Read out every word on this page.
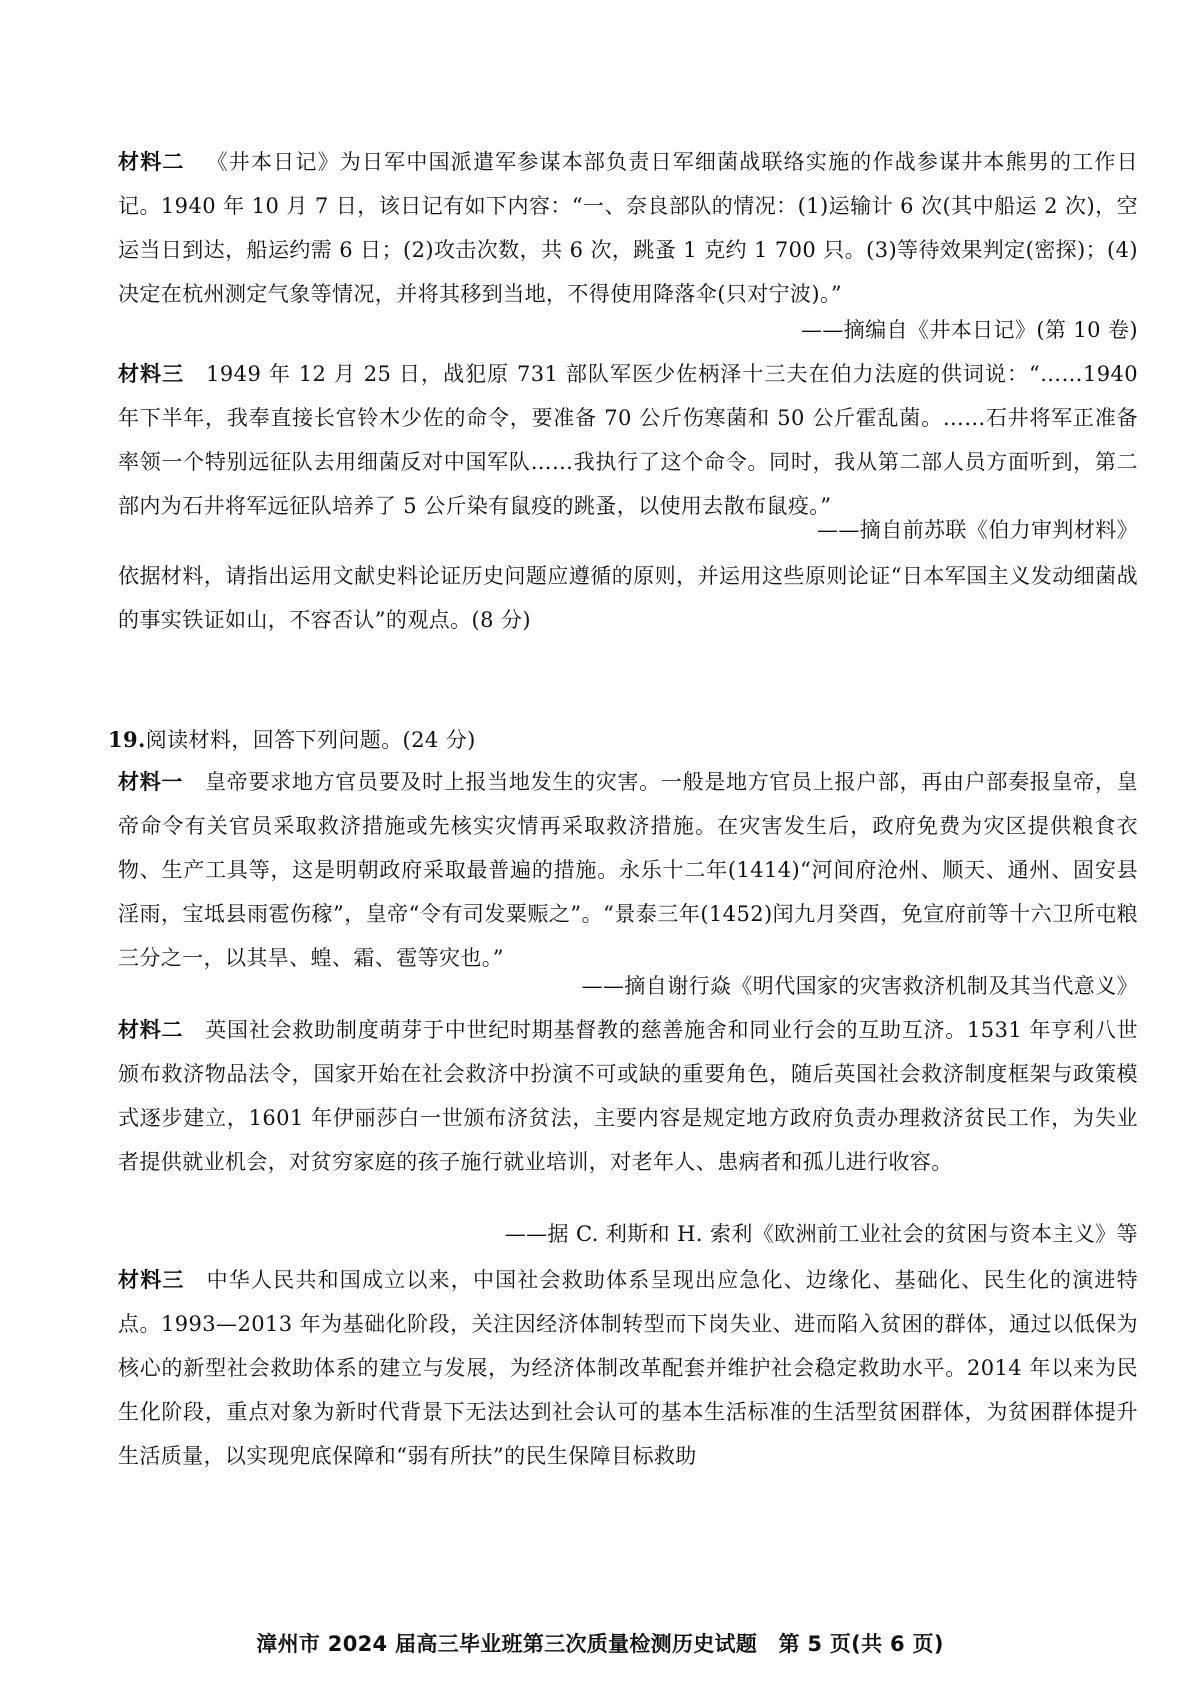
材料二 《井本日记》为日军中国派遣军参谋本部负责日军细菌战联络实施的作战参谋井本熊男的工作日记。1940 年 10 月 7 日，该日记有如下内容：“一、奈良部队的情况：(1)运输计 6 次(其中船运 2 次)，空运当日到达，船运约需 6 日；(2)攻击次数，共 6 次，跳蚤 1 克约 1 700 只。(3)等待效果判定(密探)；(4)决定在杭州测定气象等情况，并将其移到当地，不得使用降落伞(只对宁波)。”

——摘编自《井本日记》(第 10 卷)

材料三 1949 年 12 月 25 日，战犯原 731 部队军医少佐柄泽十三夫在伯力法庭的供词说：“……1940 年下半年，我奉直接长官铃木少佐的命令，要准备 70 公斤伤寒菌和 50 公斤霍乱菌。……石井将军正准备率领一个特别远征队去用细菌反对中国军队……我执行了这个命令。同时，我从第二部人员方面听到，第二部内为石井将军远征队培养了 5 公斤染有鼠疫的跳蚤，以使用去散布鼠疫。”

——摘自前苏联《伯力审判材料》

依据材料，请指出运用文献史料论证历史问题应遵循的原则，并运用这些原则论证“日本军国主义发动细菌战的事实铁证如山，不容否认”的观点。(8 分)

19.阅读材料，回答下列问题。(24 分)

材料一 皇帝要求地方官员要及时上报当地发生的灾害。一般是地方官员上报户部，再由户部奏报皇帝，皇帝命令有关官员采取救济措施或先核实灾情再采取救济措施。在灾害发生后，政府免费为灾区提供粮食衣物、生产工具等，这是明朝政府采取最普遍的措施。永乐十二年(1414)“河间府沧州、顺天、通州、固安县淫雨，宝坻县雨雹伤稼”，皇帝“令有司发粟赈之”。“景泰三年(1452)闰九月癸酉，免宣府前等十六卫所屯粮三分之一，以其旱、蝗、霜、雹等灾也。”

——摘自谢行焱《明代国家的灾害救济机制及其当代意义》

材料二 英国社会救助制度萌芽于中世纪时期基督教的慈善施舍和同业行会的互助互济。1531 年亨利八世颁布救济物品法令，国家开始在社会救济中扮演不可或缺的重要角色，随后英国社会救济制度框架与政策模式逐步建立，1601 年伊丽莎白一世颁布济贫法，主要内容是规定地方政府负责办理救济贫民工作，为失业者提供就业机会，对贫穷家庭的孩子施行就业培训，对老年人、患病者和孤儿进行收容。

——据 C. 利斯和 H. 索利《欧洲前工业社会的贫困与资本主义》等

材料三 中华人民共和国成立以来，中国社会救助体系呈现出应急化、边缘化、基础化、民生化的演进特点。1993—2013 年为基础化阶段，关注因经济体制转型而下岗失业、进而陷入贫困的群体，通过以低保为核心的新型社会救助体系的建立与发展，为经济体制改革配套并维护社会稳定救助水平。2014 年以来为民生化阶段，重点对象为新时代背景下无法达到社会认可的基本生活标准的生活型贫困群体，为贫困群体提升生活质量，以实现兜底保障和“弱有所扶”的民生保障目标救助

漳州市 2024 届高三毕业班第三次质量检测历史试题　第 5 页(共 6 页)
